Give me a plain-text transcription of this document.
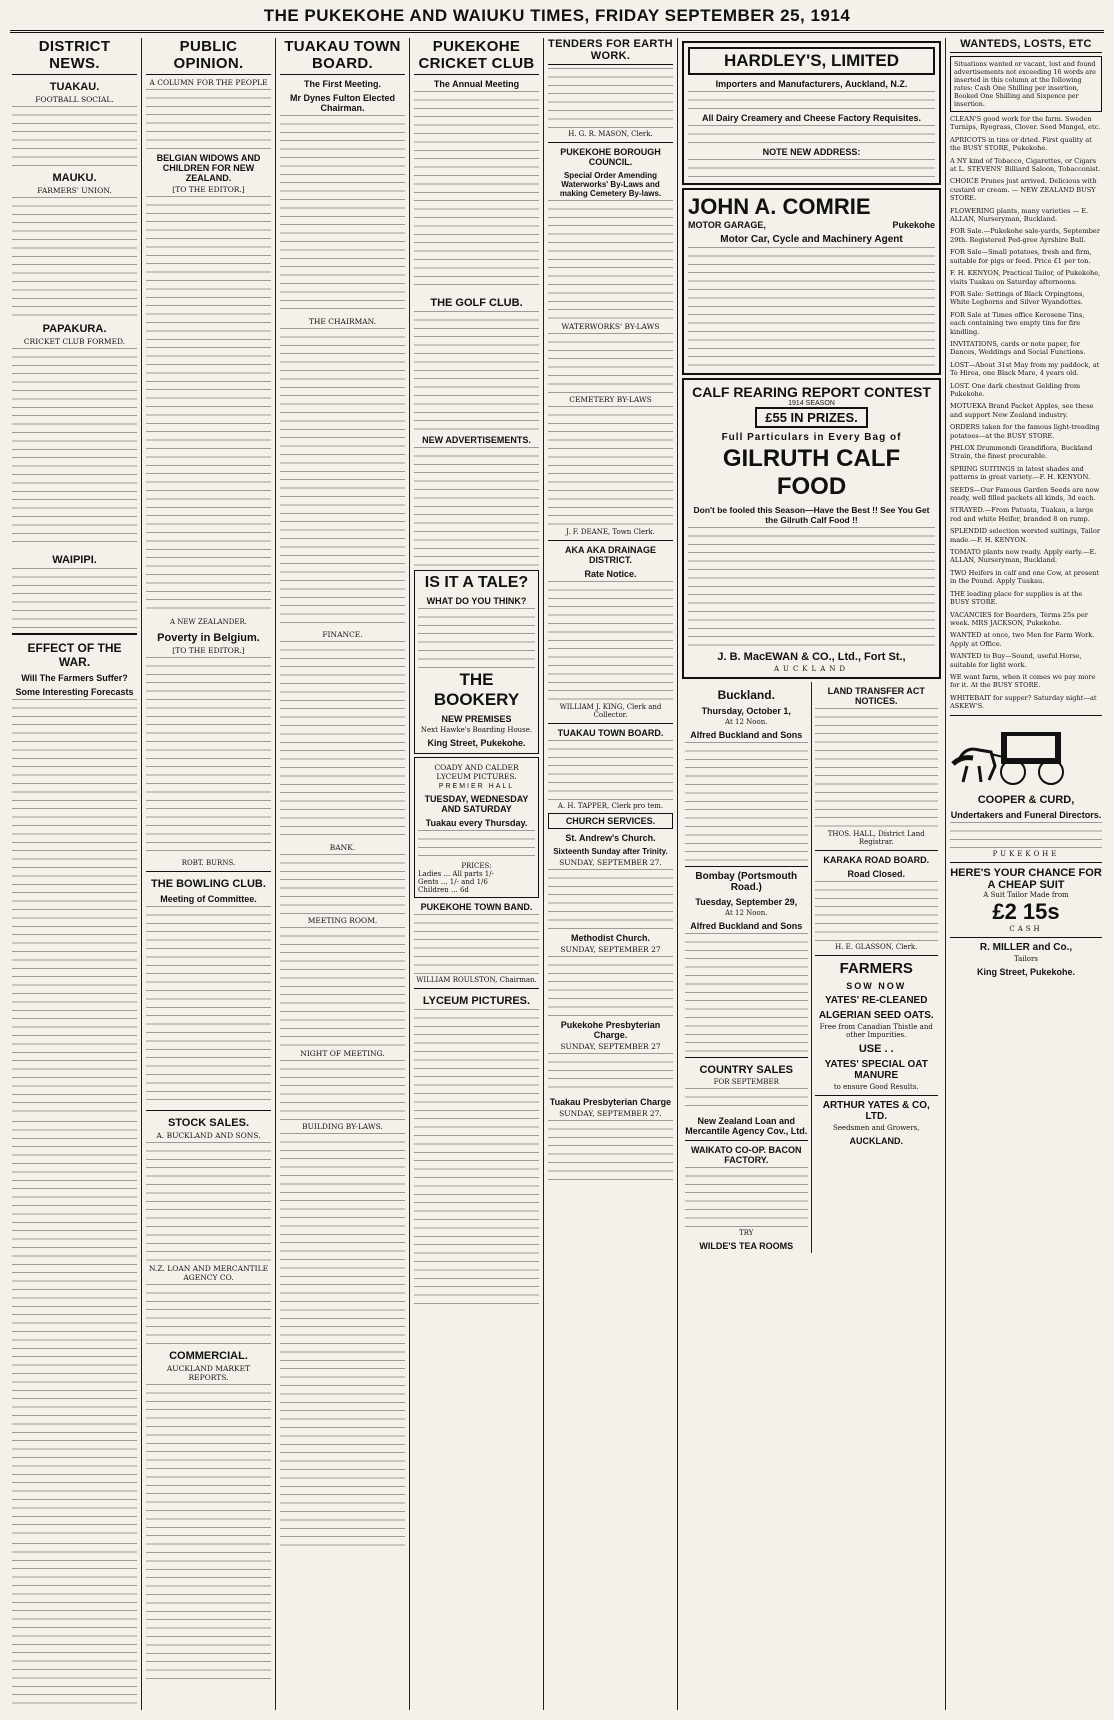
THE PUKEKOHE AND WAIUKU TIMES, FRIDAY SEPTEMBER 25, 1914
DISTRICT NEWS.
TUAKAU.
FOOTBALL SOCIAL.
MAUKU.
FARMERS' UNION.
PAPAKURA.
CRICKET CLUB FORMED.
WAIPIPI.
EFFECT OF THE WAR.
Will The Farmers Suffer?
Some Interesting Forecasts
PUBLIC OPINION.
A COLUMN FOR THE PEOPLE
BELGIAN WIDOWS AND CHILDREN FOR NEW ZEALAND.
[TO THE EDITOR.]
A NEW ZEALANDER.
Poverty in Belgium.
[TO THE EDITOR.]
ROBT. BURNS.
THE BOWLING CLUB.
Meeting of Committee.
STOCK SALES.
A. BUCKLAND AND SONS.
N.Z. LOAN AND MERCANTILE AGENCY CO.
COMMERCIAL.
AUCKLAND MARKET REPORTS.
TUAKAU TOWN BOARD.
The First Meeting.
Mr Dynes Fulton Elected Chairman.
THE CHAIRMAN.
FINANCE.
BANK.
MEETING ROOM.
NIGHT OF MEETING.
BUILDING BY-LAWS.
PUKEKOHE CRICKET CLUB
The Annual Meeting
THE GOLF CLUB.
NEW ADVERTISEMENTS.
IS IT A TALE?
WHAT DO YOU THINK?
THE BOOKERY
NEW PREMISES
Next Hawke's Boarding House.
King Street, Pukekohe.
COADY AND CALDER LYCEUM PICTURES.
PREMIER HALL
TUESDAY, WEDNESDAY AND SATURDAY
Tuakau every Thursday.
PRICES:
Ladies ... All parts 1/-
Gents ... 1/- and 1/6
Children ... 6d
PUKEKOHE TOWN BAND.
WILLIAM ROULSTON, Chairman.
LYCEUM PICTURES.
TENDERS FOR EARTH WORK.
H. G. R. MASON, Clerk.
PUKEKOHE BOROUGH COUNCIL.
Special Order Amending Waterworks' By-Laws and making Cemetery By-laws.
WATERWORKS' BY-LAWS
CEMETERY BY-LAWS
J. F. DEANE, Town Clerk.
AKA AKA DRAINAGE DISTRICT.
Rate Notice.
WILLIAM J. KING, Clerk and Collector.
TUAKAU TOWN BOARD.
A. H. TAPPER, Clerk pro tem.
CHURCH SERVICES.
St. Andrew's Church.
Sixteenth Sunday after Trinity.
SUNDAY, SEPTEMBER 27.
Methodist Church.
SUNDAY, SEPTEMBER 27
Pukekohe Presbyterian Charge.
SUNDAY, SEPTEMBER 27
Tuakau Presbyterian Charge
SUNDAY, SEPTEMBER 27.
HARDLEY'S, LIMITED
Importers and Manufacturers, Auckland, N.Z.
All Dairy Creamery and Cheese Factory Requisites.
NOTE NEW ADDRESS:
JOHN A. COMRIE
MOTOR GARAGE,	Pukekohe
Motor Car, Cycle and Machinery Agent
CALF REARING REPORT CONTEST
1914 SEASON
£55 IN PRIZES.
Full Particulars in Every Bag of
GILRUTH CALF FOOD
Don't be fooled this Season—Have the Best !! See You Get the Gilruth Calf Food !!
J. B. MacEWAN & CO., Ltd., Fort St.,
AUCKLAND
Buckland.
Thursday, October 1,
At 12 Noon.
Alfred Buckland and Sons
Bombay (Portsmouth Road.)
Tuesday, September 29,
At 12 Noon.
Alfred Buckland and Sons
COUNTRY SALES
FOR SEPTEMBER
New Zealand Loan and Mercantile Agency Cov., Ltd.
WAIKATO CO-OP. BACON FACTORY.
TRY
WILDE'S TEA ROOMS
LAND TRANSFER ACT NOTICES.
THOS. HALL, District Land Registrar.
KARAKA ROAD BOARD.
Road Closed.
H. E. GLASSON, Clerk.
FARMERS
SOW NOW
YATES' RE-CLEANED
ALGERIAN SEED OATS.
Free from Canadian Thistle and other Impurities.
USE . .
YATES' SPECIAL OAT MANURE
to ensure Good Results.
ARTHUR YATES & CO, LTD.
Seedsmen and Growers,
AUCKLAND.
WANTEDS, LOSTS, ETC

Situations wanted or vacant, lost and found advertisements not exceeding 16 words are inserted in this column at the following rates: Cash One Shilling per insertion, Booked One Shilling and Sixpence per insertion.

CLEAN'S good work for the farm. Sweden Turnips, Ryegrass, Clover. Seed Mangel, etc.

APRICOTS in tins or dried. First quality at the BUSY STORE, Pukekohe.

A NY kind of Tobacco, Cigarettes, or Cigars at L. STEVENS' Billiard Saloon, Tobacconist.

CHOICE Prunes just arrived. Delicious with custard or cream. — NEW ZEALAND BUSY STORE.

FLOWERING plants, many varieties — E. ALLAN, Nurseryman, Buckland.

FOR Sale.—Pukekohe sale-yards, September 29th. Registered Ped-gree Ayrshire Bull.

FOR Sale—Small potatoes, fresh and firm, suitable for pigs or feed. Price £1 per ton.

F. H. KENYON, Practical Tailor, of Pukekohe, visits Tuakau on Saturday afternoons.

FOR Sale: Settings of Black Orpingtons, White Leghorns and Silver Wyandottes.

FOR Sale at Times office Kerosene Tins, each containing two empty tins for fire kindling.

INVITATIONS, cards or note paper, for Dances, Weddings and Social Functions.

LOST—About 31st May from my paddock, at Te Hirea, one Black Mare, 4 years old.

LOST. One dark chestnut Gelding from Pukekohe.

MOTUEKA Brand Packet Apples, see these and support New Zealand industry.

ORDERS taken for the famous light-treading potatoes—at the BUSY STORE.

PHLOX Drummondi Grandiflora, Buckland Strain, the finest procurable.

SPRING SUITINGS in latest shades and patterns in great variety.—F. H. KENYON.

SEEDS—Our Famous Garden Seeds are now ready, well filled packets all kinds, 3d each.

STRAYED.—From Patuata, Tuakau, a large red and white Heifer, branded 8 on rump.

SPLENDID selection worsted suitings, Tailor made.—F. H. KENYON.

TOMATO plants now ready. Apply early.—E. ALLAN, Nurseryman, Buckland.

TWO Heifers in calf and one Cow, at present in the Pound. Apply Tuakau.

THE leading place for supplies is at the BUSY STORE.

VACANCIES for Boarders, Terms 25s per week. MRS JACKSON, Pukekohe.

WANTED at once, two Men for Farm Work. Apply at Office.

WANTED to Buy—Sound, useful Horse, suitable for light work.

WE want farm, when it comes we pay more for it. At the BUSY STORE.

WHITEBAIT for supper? Saturday night—at ASKEW'S.

COOPER & CURD,
Undertakers and Funeral Directors.
PUKEKOHE
HERE'S YOUR CHANCE FOR A CHEAP SUIT
A Suit Tailor Made from
£2 15s
CASH
R. MILLER and Co.,
Tailors
King Street, Pukekohe.
